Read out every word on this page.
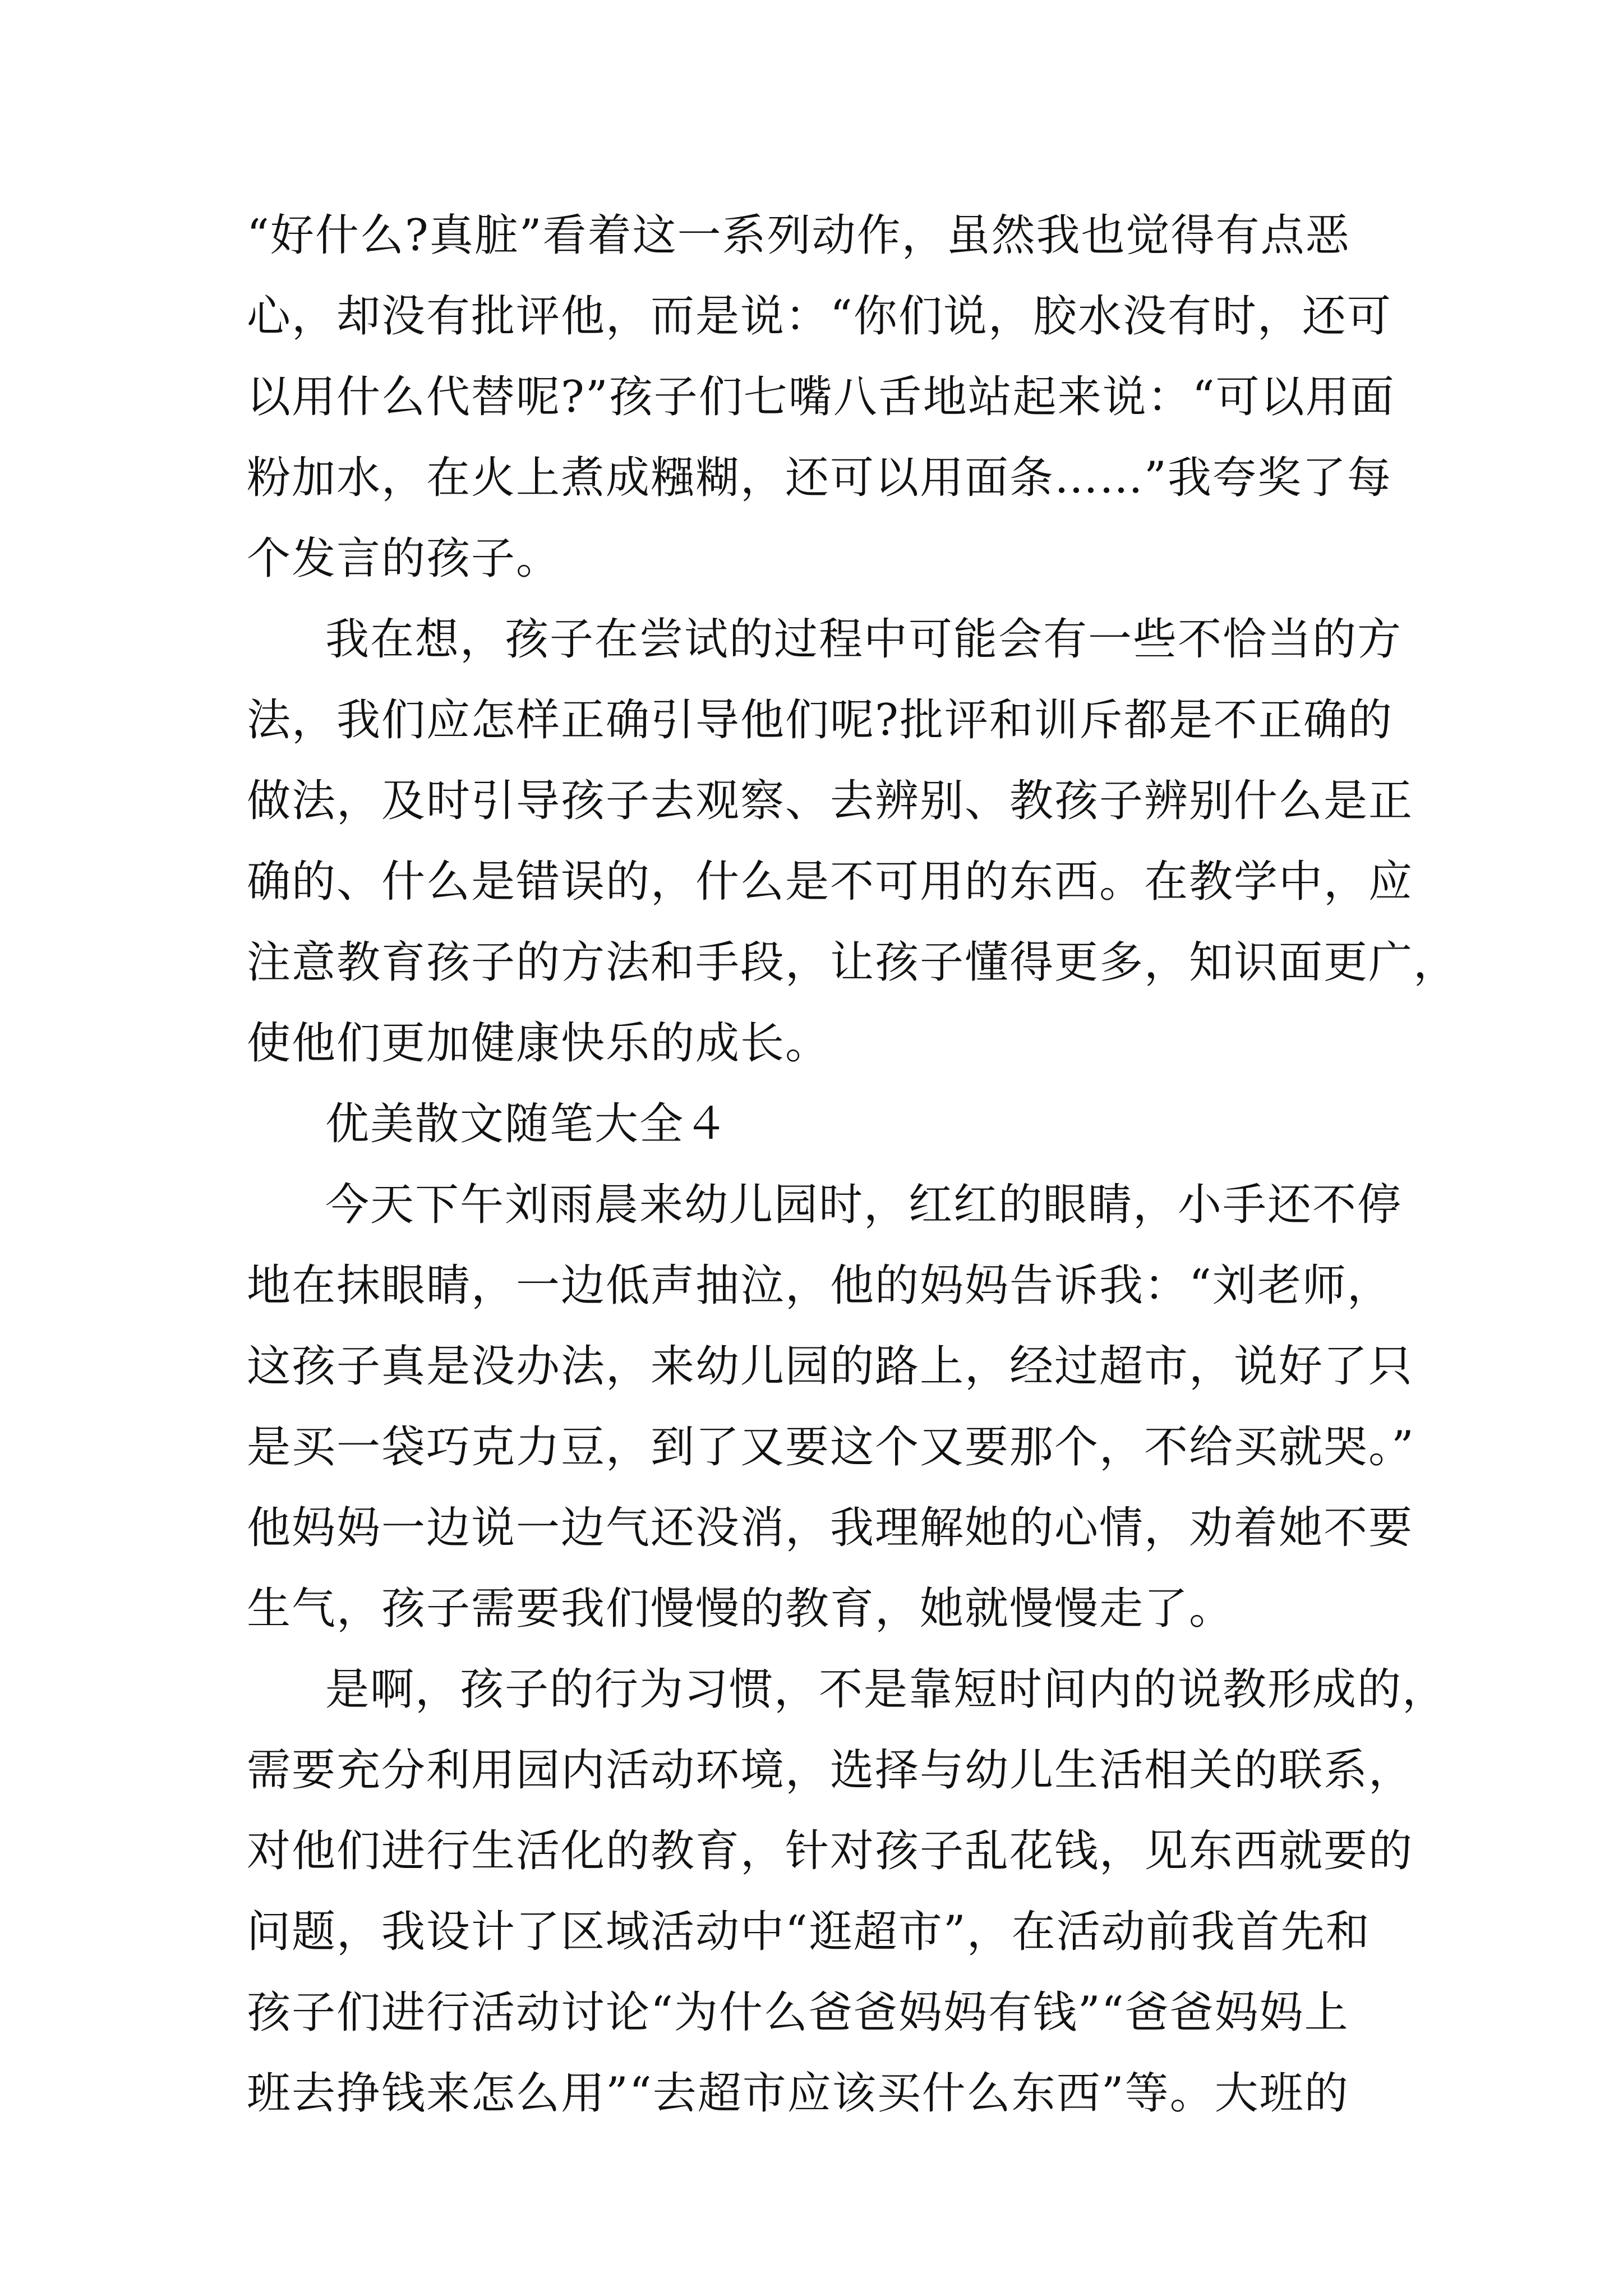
“好什么?真脏”看着这一系列动作，虽然我也觉得有点恶
心，却没有批评他，而是说：“你们说，胶水没有时，还可
以用什么代替呢?”孩子们七嘴八舌地站起来说：“可以用面
粉加水，在火上煮成糨糊，还可以用面条……”我夸奖了每
个发言的孩子。
我在想，孩子在尝试的过程中可能会有一些不恰当的方
法，我们应怎样正确引导他们呢?批评和训斥都是不正确的
做法，及时引导孩子去观察、去辨别、教孩子辨别什么是正
确的、什么是错误的，什么是不可用的东西。在教学中，应
注意教育孩子的方法和手段，让孩子懂得更多，知识面更广，
使他们更加健康快乐的成长。
优美散文随笔大全４
今天下午刘雨晨来幼儿园时，红红的眼睛，小手还不停
地在抹眼睛，一边低声抽泣，他的妈妈告诉我：“刘老师，
这孩子真是没办法，来幼儿园的路上，经过超市，说好了只
是买一袋巧克力豆，到了又要这个又要那个，不给买就哭。”
他妈妈一边说一边气还没消，我理解她的心情，劝着她不要
生气，孩子需要我们慢慢的教育，她就慢慢走了。
是啊，孩子的行为习惯，不是靠短时间内的说教形成的，
需要充分利用园内活动环境，选择与幼儿生活相关的联系，
对他们进行生活化的教育，针对孩子乱花钱，见东西就要的
问题，我设计了区域活动中“逛超市”，在活动前我首先和
孩子们进行活动讨论“为什么爸爸妈妈有钱”“爸爸妈妈上
班去挣钱来怎么用”“去超市应该买什么东西”等。大班的
